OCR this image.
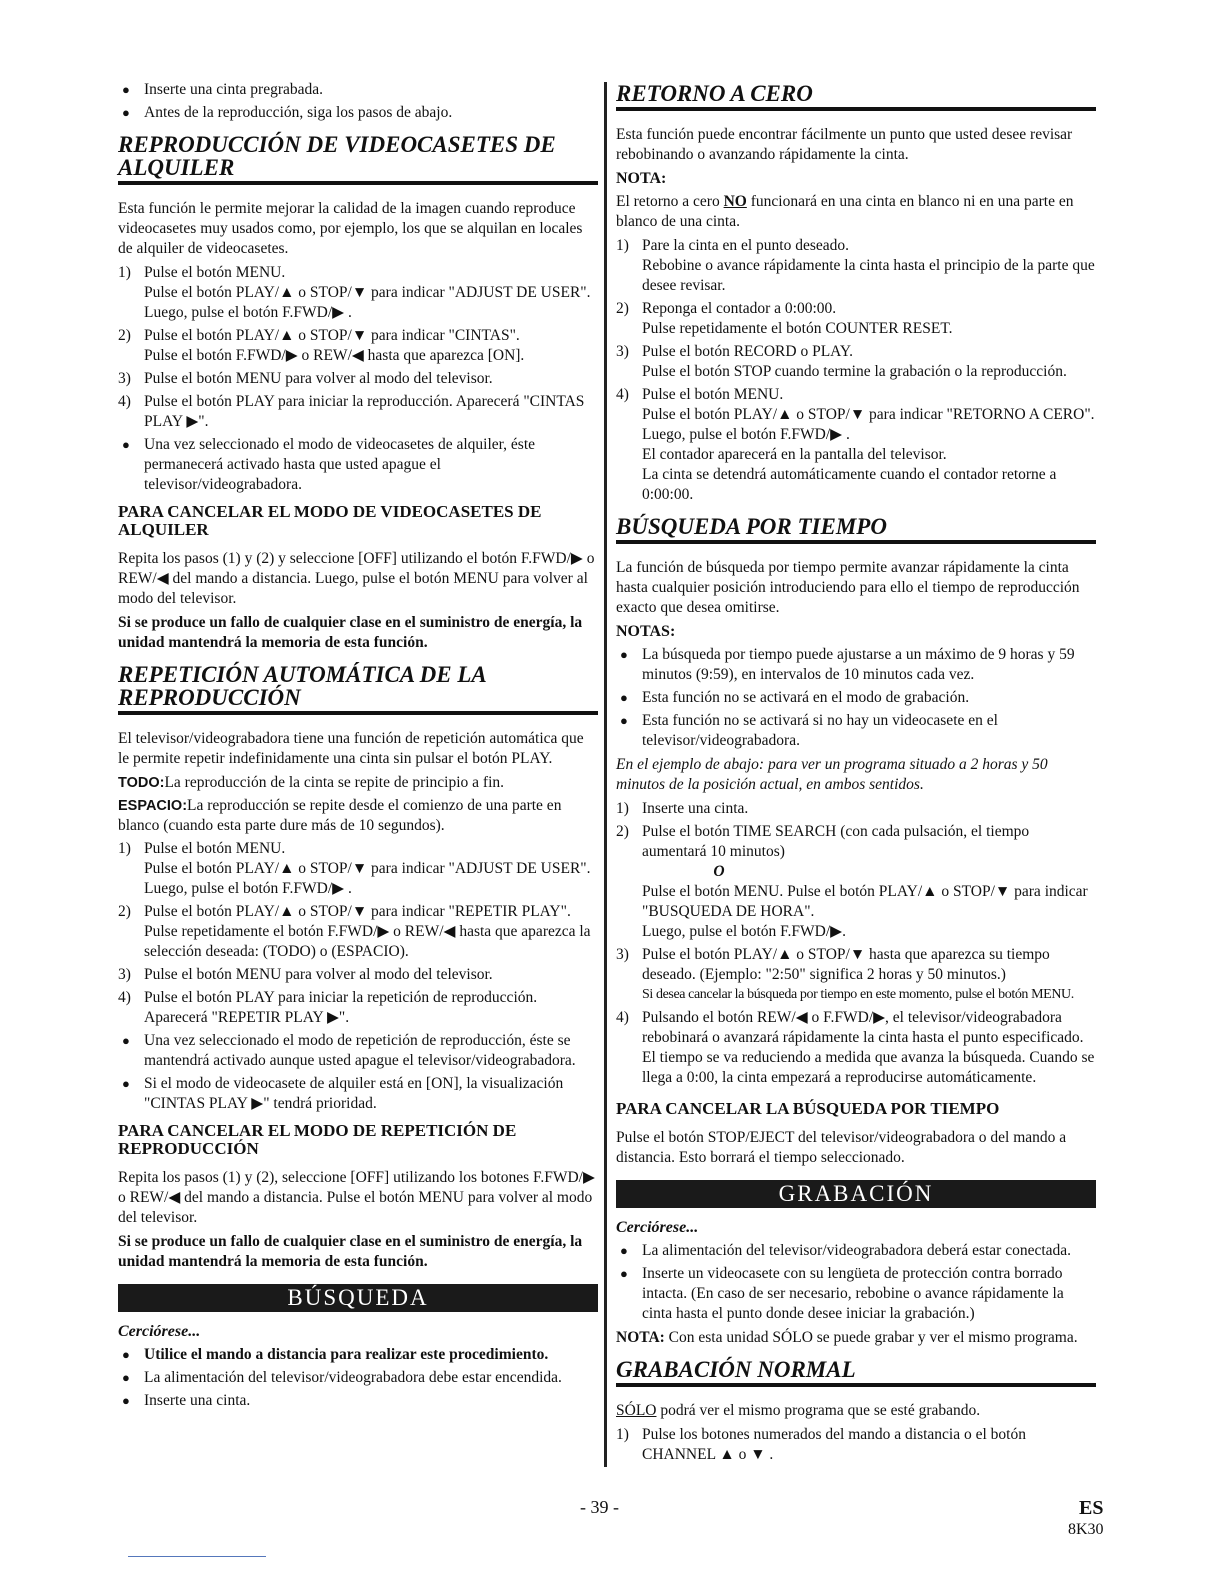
● Inserte una cinta pregrabada.
● Antes de la reproducción, siga los pasos de abajo.
REPRODUCCIÓN DE VIDEOCASETES DE ALQUILER

Esta función le permite mejorar la calidad de la imagen cuando reproduce videocasetes muy usados como, por ejemplo, los que se alquilan en locales de alquiler de videocasetes.

1) Pulse el botón MENU.
Pulse el botón PLAY/▲ o STOP/▼ para indicar "ADJUST DE USER".
Luego, pulse el botón F.FWD/▶ .
2) Pulse el botón PLAY/▲ o STOP/▼ para indicar "CINTAS".
Pulse el botón F.FWD/▶ o REW/◀ hasta que aparezca [ON].
3) Pulse el botón MENU para volver al modo del televisor.
4) Pulse el botón PLAY para iniciar la reproducción. Aparecerá "CINTAS PLAY ▶".
● Una vez seleccionado el modo de videocasetes de alquiler, éste permanecerá activado hasta que usted apague el televisor/videograbadora.
PARA CANCELAR EL MODO DE VIDEOCASETES DE ALQUILER

Repita los pasos (1) y (2) y seleccione [OFF] utilizando el botón F.FWD/▶ o REW/◀ del mando a distancia. Luego, pulse el botón MENU para volver al modo del televisor.

Si se produce un fallo de cualquier clase en el suministro de energía, la unidad mantendrá la memoria de esta función.

REPETICIÓN AUTOMÁTICA DE LA REPRODUCCIÓN

El televisor/videograbadora tiene una función de repetición automática que le permite repetir indefinidamente una cinta sin pulsar el botón PLAY.

TODO:La reproducción de la cinta se repite de principio a fin.
ESPACIO:La reproducción se repite desde el comienzo de una parte en blanco (cuando esta parte dure más de 10 segundos).
1) Pulse el botón MENU.
Pulse el botón PLAY/▲ o STOP/▼ para indicar "ADJUST DE USER".
Luego, pulse el botón F.FWD/▶ .
2) Pulse el botón PLAY/▲ o STOP/▼ para indicar "REPETIR PLAY".
Pulse repetidamente el botón F.FWD/▶ o REW/◀ hasta que aparezca la selección deseada: (TODO) o (ESPACIO).
3) Pulse el botón MENU para volver al modo del televisor.
4) Pulse el botón PLAY para iniciar la repetición de reproducción. Aparecerá "REPETIR PLAY ▶".
● Una vez seleccionado el modo de repetición de reproducción, éste se mantendrá activado aunque usted apague el televisor/videograbadora.
● Si el modo de videocasete de alquiler está en [ON], la visualización "CINTAS PLAY ▶" tendrá prioridad.
PARA CANCELAR EL MODO DE REPETICIÓN DE REPRODUCCIÓN

Repita los pasos (1) y (2), seleccione [OFF] utilizando los botones F.FWD/▶ o REW/◀ del mando a distancia. Pulse el botón MENU para volver al modo del televisor.

Si se produce un fallo de cualquier clase en el suministro de energía, la unidad mantendrá la memoria de esta función.

BÚSQUEDA
Cerciórese...
● Utilice el mando a distancia para realizar este procedimiento.
● La alimentación del televisor/videograbadora debe estar encendida.
● Inserte una cinta.
RETORNO A CERO

Esta función puede encontrar fácilmente un punto que usted desee revisar rebobinando o avanzando rápidamente la cinta.

NOTA:

El retorno a cero NO funcionará en una cinta en blanco ni en una parte en blanco de una cinta.

1) Pare la cinta en el punto deseado.
Rebobine o avance rápidamente la cinta hasta el principio de la parte que desee revisar.
2) Reponga el contador a 0:00:00.
Pulse repetidamente el botón COUNTER RESET.
3) Pulse el botón RECORD o PLAY.
Pulse el botón STOP cuando termine la grabación o la reproducción.
4) Pulse el botón MENU.
Pulse el botón PLAY/▲ o STOP/▼ para indicar "RETORNO A CERO".
Luego, pulse el botón F.FWD/▶ .
El contador aparecerá en la pantalla del televisor.
La cinta se detendrá automáticamente cuando el contador retorne a 0:00:00.
BÚSQUEDA POR TIEMPO

La función de búsqueda por tiempo permite avanzar rápidamente la cinta hasta cualquier posición introduciendo para ello el tiempo de reproducción exacto que desea omitirse.

NOTAS:
● La búsqueda por tiempo puede ajustarse a un máximo de 9 horas y 59 minutos (9:59), en intervalos de 10 minutos cada vez.
● Esta función no se activará en el modo de grabación.
● Esta función no se activará si no hay un videocasete en el televisor/videograbadora.

En el ejemplo de abajo: para ver un programa situado a 2 horas y 50 minutos de la posición actual, en ambos sentidos.

1) Inserte una cinta.
2) Pulse el botón TIME SEARCH (con cada pulsación, el tiempo aumentará 10 minutos)
O
Pulse el botón MENU. Pulse el botón PLAY/▲ o STOP/▼ para indicar "BUSQUEDA DE HORA".
Luego, pulse el botón F.FWD/▶.
3) Pulse el botón PLAY/▲ o STOP/▼ hasta que aparezca su tiempo deseado. (Ejemplo: "2:50" significa 2 horas y 50 minutos.)
Si desea cancelar la búsqueda por tiempo en este momento, pulse el botón MENU.
4) Pulsando el botón REW/◀ o F.FWD/▶, el televisor/videograbadora rebobinará o avanzará rápidamente la cinta hasta el punto especificado. El tiempo se va reduciendo a medida que avanza la búsqueda. Cuando se llega a 0:00, la cinta empezará a reproducirse automáticamente.
PARA CANCELAR LA BÚSQUEDA POR TIEMPO

Pulse el botón STOP/EJECT del televisor/videograbadora o del mando a distancia. Esto borrará el tiempo seleccionado.

GRABACIÓN
Cerciórese...
● La alimentación del televisor/videograbadora deberá estar conectada.
● Inserte un videocasete con su lengüeta de protección contra borrado intacta. (En caso de ser necesario, rebobine o avance rápidamente la cinta hasta el punto donde desee iniciar la grabación.)

NOTA: Con esta unidad SÓLO se puede grabar y ver el mismo programa.

GRABACIÓN NORMAL

SÓLO podrá ver el mismo programa que se esté grabando.

1) Pulse los botones numerados del mando a distancia o el botón CHANNEL ▲ o ▼ .
- 39 -	ES
8K30
